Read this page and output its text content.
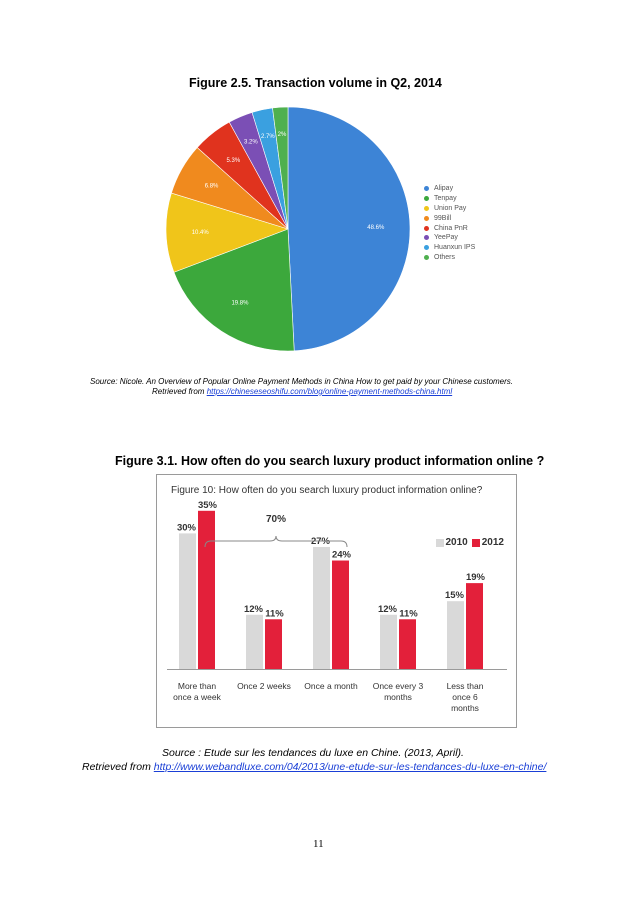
Figure 2.5. Transaction volume in Q2, 2014
48.6%
19.8%
10.4%
6.8%
5.3%
3.2%
2.7% 2%
Alipay
Tenpay
Union Pay
99Bill
China PnR
YeePay
Huanxun IPS
Others
Source: Nicole. An Overview of Popular Online Payment Methods in China How to get paid by your Chinese customers.
Retrieved from https://chineseseoshifu.com/blog/online-payment-methods-china.html
Figure 3.1. How often do you search luxury product information online ?
Figure 10: How often do you search luxury product information online?
2010 2012
30%
35%
More than
once a week
12% 11%
Once 2 weeks
27%
24%
Once a month
12% 11%
Once every 3
months
15%
19%
Less than
once 6
months
70%
Source : Etude sur les tendances du luxe en Chine. (2013, April).
Retrieved from http://www.webandluxe.com/04/2013/une-etude-sur-les-tendances-du-luxe-en-chine/
11
